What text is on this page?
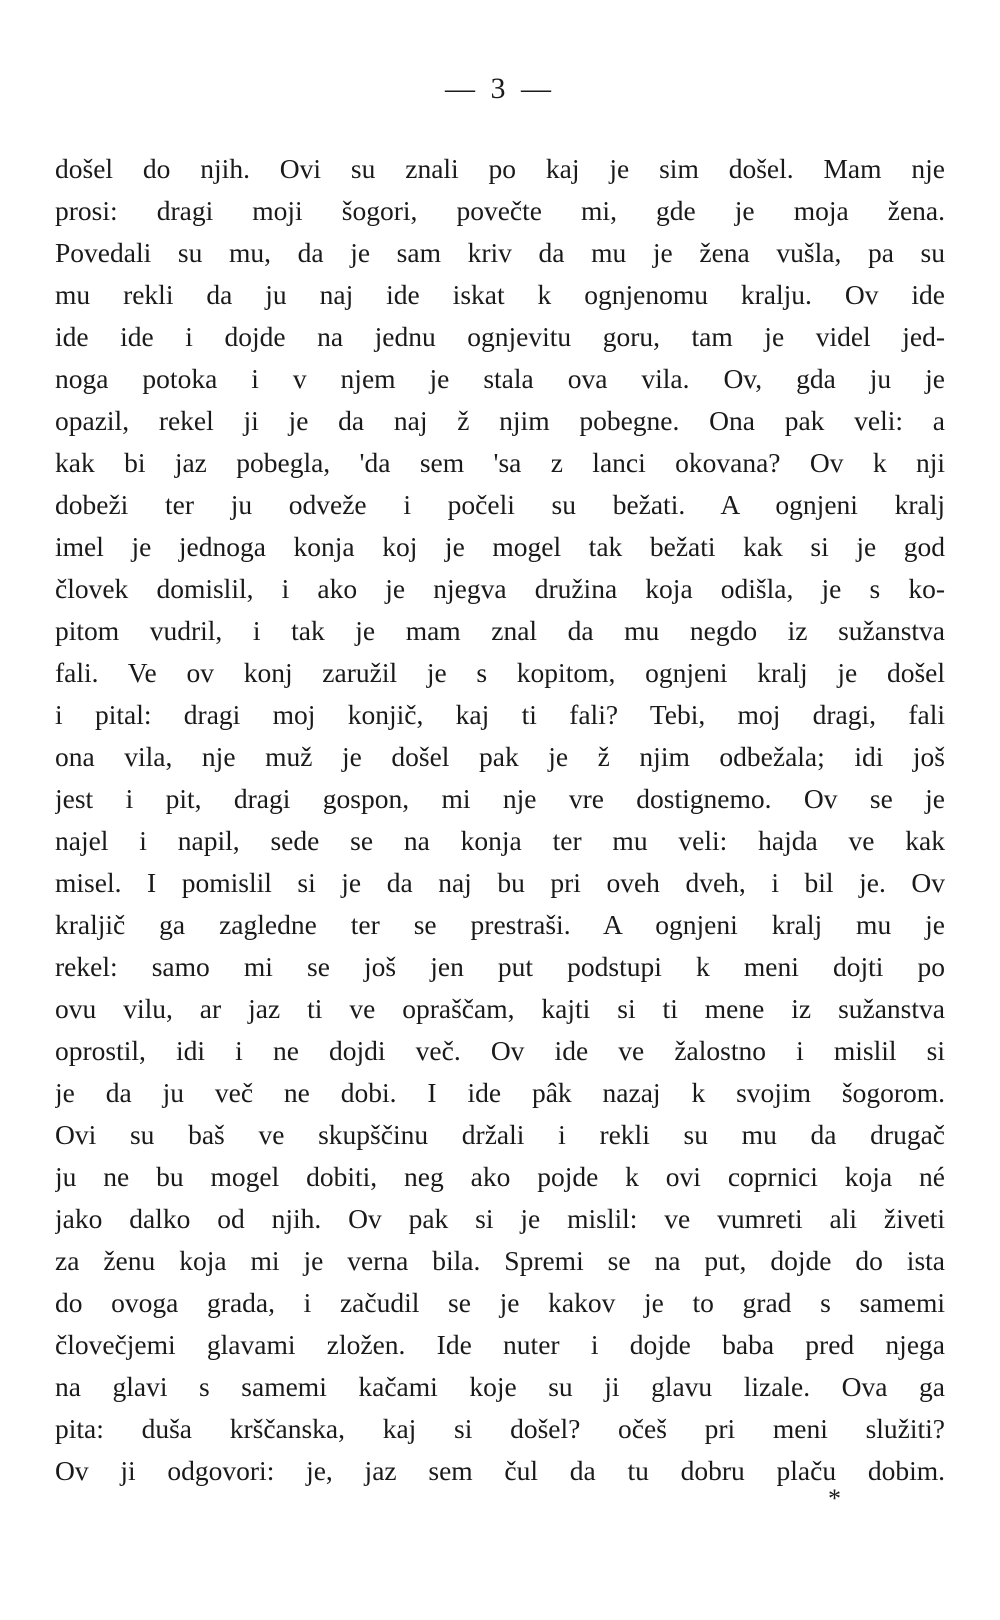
— 3 —
došel do njih. Ovi su znali po kaj je sim došel. Mam nje
prosi: dragi moji šogori, povečte mi, gde je moja žena.
Povedali su mu, da je sam kriv da mu je žena vušla, pa su
mu rekli da ju naj ide iskat k ognjenomu kralju. Ov ide
ide ide i dojde na jednu ognjevitu goru, tam je videl jed-
noga potoka i v njem je stala ova vila. Ov, gda ju je
opazil, rekel ji je da naj ž njim pobegne. Ona pak veli: a
kak bi jaz pobegla, 'da sem 'sa z lanci okovana? Ov k nji
dobeži ter ju odveže i počeli su bežati. A ognjeni kralj
imel je jednoga konja koj je mogel tak bežati kak si je god
človek domislil, i ako je njegva družina koja odišla, je s ko-
pitom vudril, i tak je mam znal da mu negdo iz sužanstva
fali. Ve ov konj zaružil je s kopitom, ognjeni kralj je došel
i pital: dragi moj konjič, kaj ti fali? Tebi, moj dragi, fali
ona vila, nje muž je došel pak je ž njim odbežala; idi još
jest i pit, dragi gospon, mi nje vre dostignemo. Ov se je
najel i napil, sede se na konja ter mu veli: hajda ve kak
misel. I pomislil si je da naj bu pri oveh dveh, i bil je. Ov
kraljič ga zagledne ter se prestraši. A ognjeni kralj mu je
rekel: samo mi se još jen put podstupi k meni dojti po
ovu vilu, ar jaz ti ve opraščam, kajti si ti mene iz sužanstva
oprostil, idi i ne dojdi več. Ov ide ve žalostno i mislil si
je da ju več ne dobi. I ide pâk nazaj k svojim šogorom.
Ovi su baš ve skupščinu držali i rekli su mu da drugač
ju ne bu mogel dobiti, neg ako pojde k ovi coprnici koja né
jako dalko od njih. Ov pak si je mislil: ve vumreti ali živeti
za ženu koja mi je verna bila. Spremi se na put, dojde do ista
do ovoga grada, i začudil se je kakov je to grad s samemi
človečjemi glavami zložen. Ide nuter i dojde baba pred njega
na glavi s samemi kačami koje su ji glavu lizale. Ova ga
pita: duša krščanska, kaj si došel? očeš pri meni služiti?
Ov ji odgovori: je, jaz sem čul da tu dobru plaču dobim.
*
